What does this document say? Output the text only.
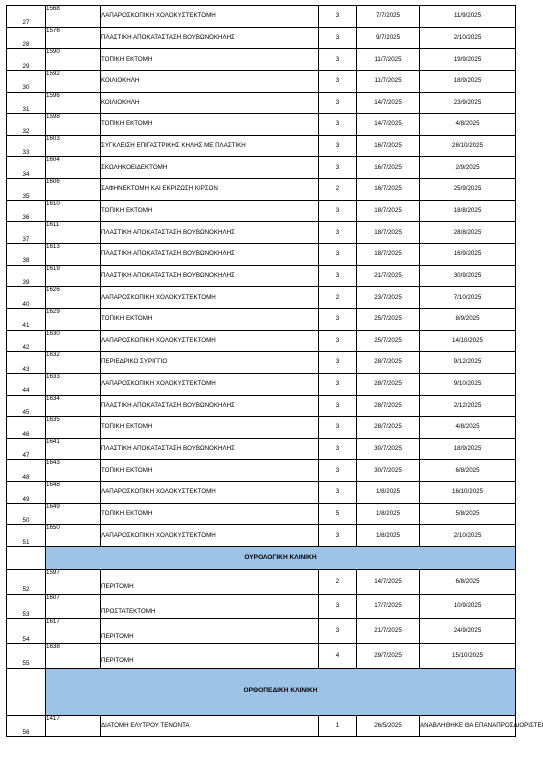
27	1568	ΛΑΠΑΡΟΣΚΟΠΙΚΗ ΧΟΛΟΚΥΣΤΕΚΤΟΜΗ	3	7/7/2025	11/9/2025
28	1576	ΠΛΑΣΤΙΚΗ ΑΠΟΚΑΤΑΣΤΑΣΗ ΒΟΥΒΩΝΟΚΗΛΗΣ	3	9/7/2025	2/10/2025
29	1590	ΤΟΠΙΚΗ ΕΚΤΟΜΗ	3	11/7/2025	19/9/2025
30	1592	ΚΟΙΛΙΟΚΗΛΗ	3	11/7/2025	18/9/2025
31	1596	ΚΟΙΛΙΟΚΗΛΗ	3	14/7/2025	23/9/2025
32	1598	ΤΟΠΙΚΗ ΕΚΤΟΜΗ	3	14/7/2025	4/8/2025
33	1603	ΣΥΓΚΛΕΙΣΗ ΕΠΙΓΑΣΤΡΙΚΗΣ ΚΗΛΗΣ ΜΕ ΠΛΑΣΤΙΚΗ	3	16/7/2025	28/10/2025
34	1604	ΣΚΩΛΗΚΟΕΙΔΕΚΤΟΜΗ	3	16/7/2025	2/9/2025
35	1606	ΣΑΦΗΝΕΚΤΟΜΗ ΚΑΙ ΕΚΡΙΖΩΣΗ ΚΙΡΣΩΝ	2	16/7/2025	25/9/2025
36	1610	ΤΟΠΙΚΗ ΕΚΤΟΜΗ	3	18/7/2025	18/8/2025
37	1611	ΠΛΑΣΤΙΚΗ ΑΠΟΚΑΤΑΣΤΑΣΗ ΒΟΥΒΩΝΟΚΗΛΗΣ	3	18/7/2025	28/8/2025
38	1613	ΠΛΑΣΤΙΚΗ ΑΠΟΚΑΤΑΣΤΑΣΗ ΒΟΥΒΩΝΟΚΗΛΗΣ	3	18/7/2025	16/9/2025
39	1619	ΠΛΑΣΤΙΚΗ ΑΠΟΚΑΤΑΣΤΑΣΗ ΒΟΥΒΩΝΟΚΗΛΗΣ	3	21/7/2025	30/9/2025
40	1626	ΛΑΠΑΡΟΣΚΟΠΙΚΗ ΧΟΛΟΚΥΣΤΕΚΤΟΜΗ	2	23/7/2025	7/10/2025
41	1629	ΤΟΠΙΚΗ ΕΚΤΟΜΗ	3	25/7/2025	8/9/2025
42	1630	ΛΑΠΑΡΟΣΚΟΠΙΚΗ ΧΟΛΟΚΥΣΤΕΚΤΟΜΗ	3	25/7/2025	14/10/2025
43	1632	ΠΕΡΙΕΔΡΙΚΟ ΣΥΡΙΓΓΙΟ	3	28/7/2025	9/12/2025
44	1633	ΛΑΠΑΡΟΣΚΟΠΙΚΗ ΧΟΛΟΚΥΣΤΕΚΤΟΜΗ	3	28/7/2025	9/10/2025
45	1634	ΠΛΑΣΤΙΚΗ ΑΠΟΚΑΤΑΣΤΑΣΗ ΒΟΥΒΩΝΟΚΗΛΗΣ	3	28/7/2025	2/12/2025
46	1635	ΤΟΠΙΚΗ ΕΚΤΟΜΗ	3	28/7/2025	4/8/2025
47	1641	ΠΛΑΣΤΙΚΗ ΑΠΟΚΑΤΑΣΤΑΣΗ ΒΟΥΒΩΝΟΚΗΛΗΣ	3	30/7/2025	18/9/2025
48	1643	ΤΟΠΙΚΗ ΕΚΤΟΜΗ	3	30/7/2025	6/8/2025
49	1648	ΛΑΠΑΡΟΣΚΟΠΙΚΗ ΧΟΛΟΚΥΣΤΕΚΤΟΜΗ	3	1/8/2025	16/10/2025
50	1649	ΤΟΠΙΚΗ ΕΚΤΟΜΗ	5	1/8/2025	5/8/2025
51	1650	ΛΑΠΑΡΟΣΚΟΠΙΚΗ ΧΟΛΟΚΥΣΤΕΚΤΟΜΗ	3	1/8/2025	2/10/2025
	ΟΥΡΟΛΟΓΙΚΗ ΚΛΙΝΙΚΗ				
52	1597	ΠΕΡΙΤΟΜΗ	2	14/7/2025	6/8/2025
53	1607	ΠΡΟΣΤΑΤΕΚΤΟΜΗ	3	17/7/2025	10/9/2025
54	1617	ΠΕΡΙΤΟΜΗ	3	21/7/2025	24/9/2025
55	1638	ΠΕΡΙΤΟΜΗ	4	29/7/2025	15/10/2025
	ΟΡΘΟΠΕΔΙΚΗ ΚΛΙΝΙΚΗ				
56	1417	ΔΙΑΤΟΜΗ ΕΛΥΤΡΟΥ ΤΕΝΟΝΤΑ	1	26/5/2025	ΑΝΑΒΛΗΘΗΚΕ ΘΑ ΕΠΑΝΑΠΡΟΣΔΙΟΡΙΣΤΕΙ
